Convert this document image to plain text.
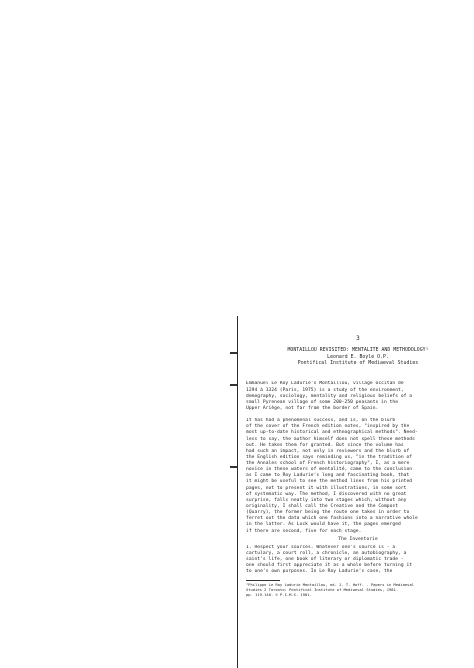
3
MONTAILLOU REVISITED: MENTALITE AND METHODOLOGY¹
Leonard E. Boyle O.P.
Pontifical Institute of Mediaeval Studies
Emmanuel Le Roy Ladurie's Montaillou, village occitan de
1294 à 1324 (Paris, 1975) is a study of the environment,
demography, sociology, mentality and religious beliefs of a
small Pyrenean village of some 200-250 peasants in the
Upper Ariège, not far from the border of Spain.
It has had a phenomenal success, and is, on the blurb
of the cover of the French edition notes, "inspired by the
most up-to-date historical and ethnographical methods". Need-
less to say, the author himself does not spell these methods
out. He takes them for granted. But since the volume has
had such an impact, not only in reviewers and the blurb of
the English edition says reminding us, "in the tradition of
the Annales school of French historiography", I, as a mere
novice in these waters of mentalité, came to the conclusion
as I came to Roy Ladurie's long and fascinating book, that
it might be useful to see the method lines from his printed
pages, not to present it with illustrations, in some sort
of systematic way. The method, I discovered with no great
surprise, falls neatly into two stages which, without any
originality, I shall call the Creative and the Compost
(Quarry), the former being the route one takes in order to
ferret out the data which one fashions into a narrative whole
in the latter. As Luck would have it, the pages emerged
if there are second, five for each stage.
The Inventorie
1. Respect your sources. Whatever one's source is - a
cartulary, a court roll, a chronicle, an autobiography, a
saint's life, one book of literary or diplomatic trade -
one should first appreciate it as a whole before turning it
to one's own purposes. In Le Roy Ladurie's case, the
¹Philippe Le Roy Ladurie Montaillou, ed. J. T. Hoff. - Papers in Mediaeval
Studies 2 Toronto: Pontifical Institute of Mediaeval Studies, 1981.
pp. 119-140. © P.I.M.S. 1981.
